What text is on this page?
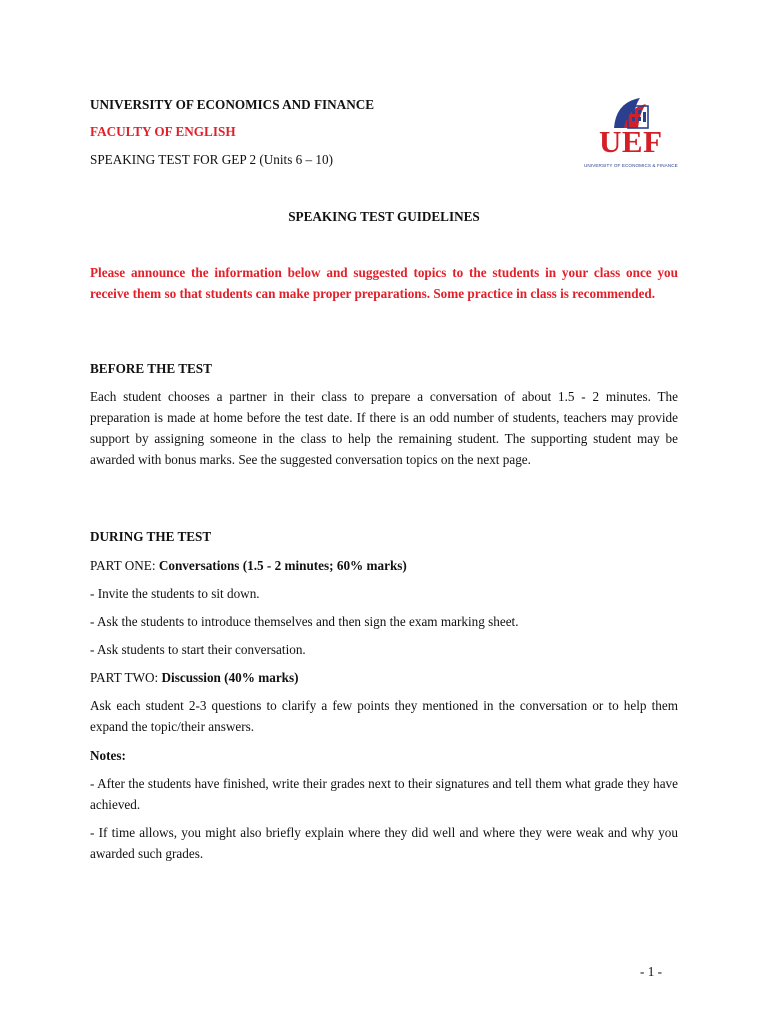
UNIVERSITY OF ECONOMICS AND FINANCE
FACULTY OF ENGLISH
SPEAKING TEST FOR GEP 2 (Units 6 – 10)
UEF
UNIVERSITY OF ECONOMICS & FINANCE
SPEAKING TEST GUIDELINES
Please announce the information below and suggested topics to the students in your class once you receive them so that students can make proper preparations. Some practice in class is recommended.
BEFORE THE TEST
Each student chooses a partner in their class to prepare a conversation of about 1.5 - 2 minutes. The preparation is made at home before the test date. If there is an odd number of students, teachers may provide support by assigning someone in the class to help the remaining student. The supporting student may be awarded with bonus marks. See the suggested conversation topics on the next page.
DURING THE TEST
PART ONE: Conversations (1.5 - 2 minutes; 60% marks)
- Invite the students to sit down.
- Ask the students to introduce themselves and then sign the exam marking sheet.
- Ask students to start their conversation.
PART TWO: Discussion (40% marks)
Ask each student 2-3 questions to clarify a few points they mentioned in the conversation or to help them expand the topic/their answers.
Notes:
- After the students have finished, write their grades next to their signatures and tell them what grade they have achieved.
- If time allows, you might also briefly explain where they did well and where they were weak and why you awarded such grades.
- 1 -
